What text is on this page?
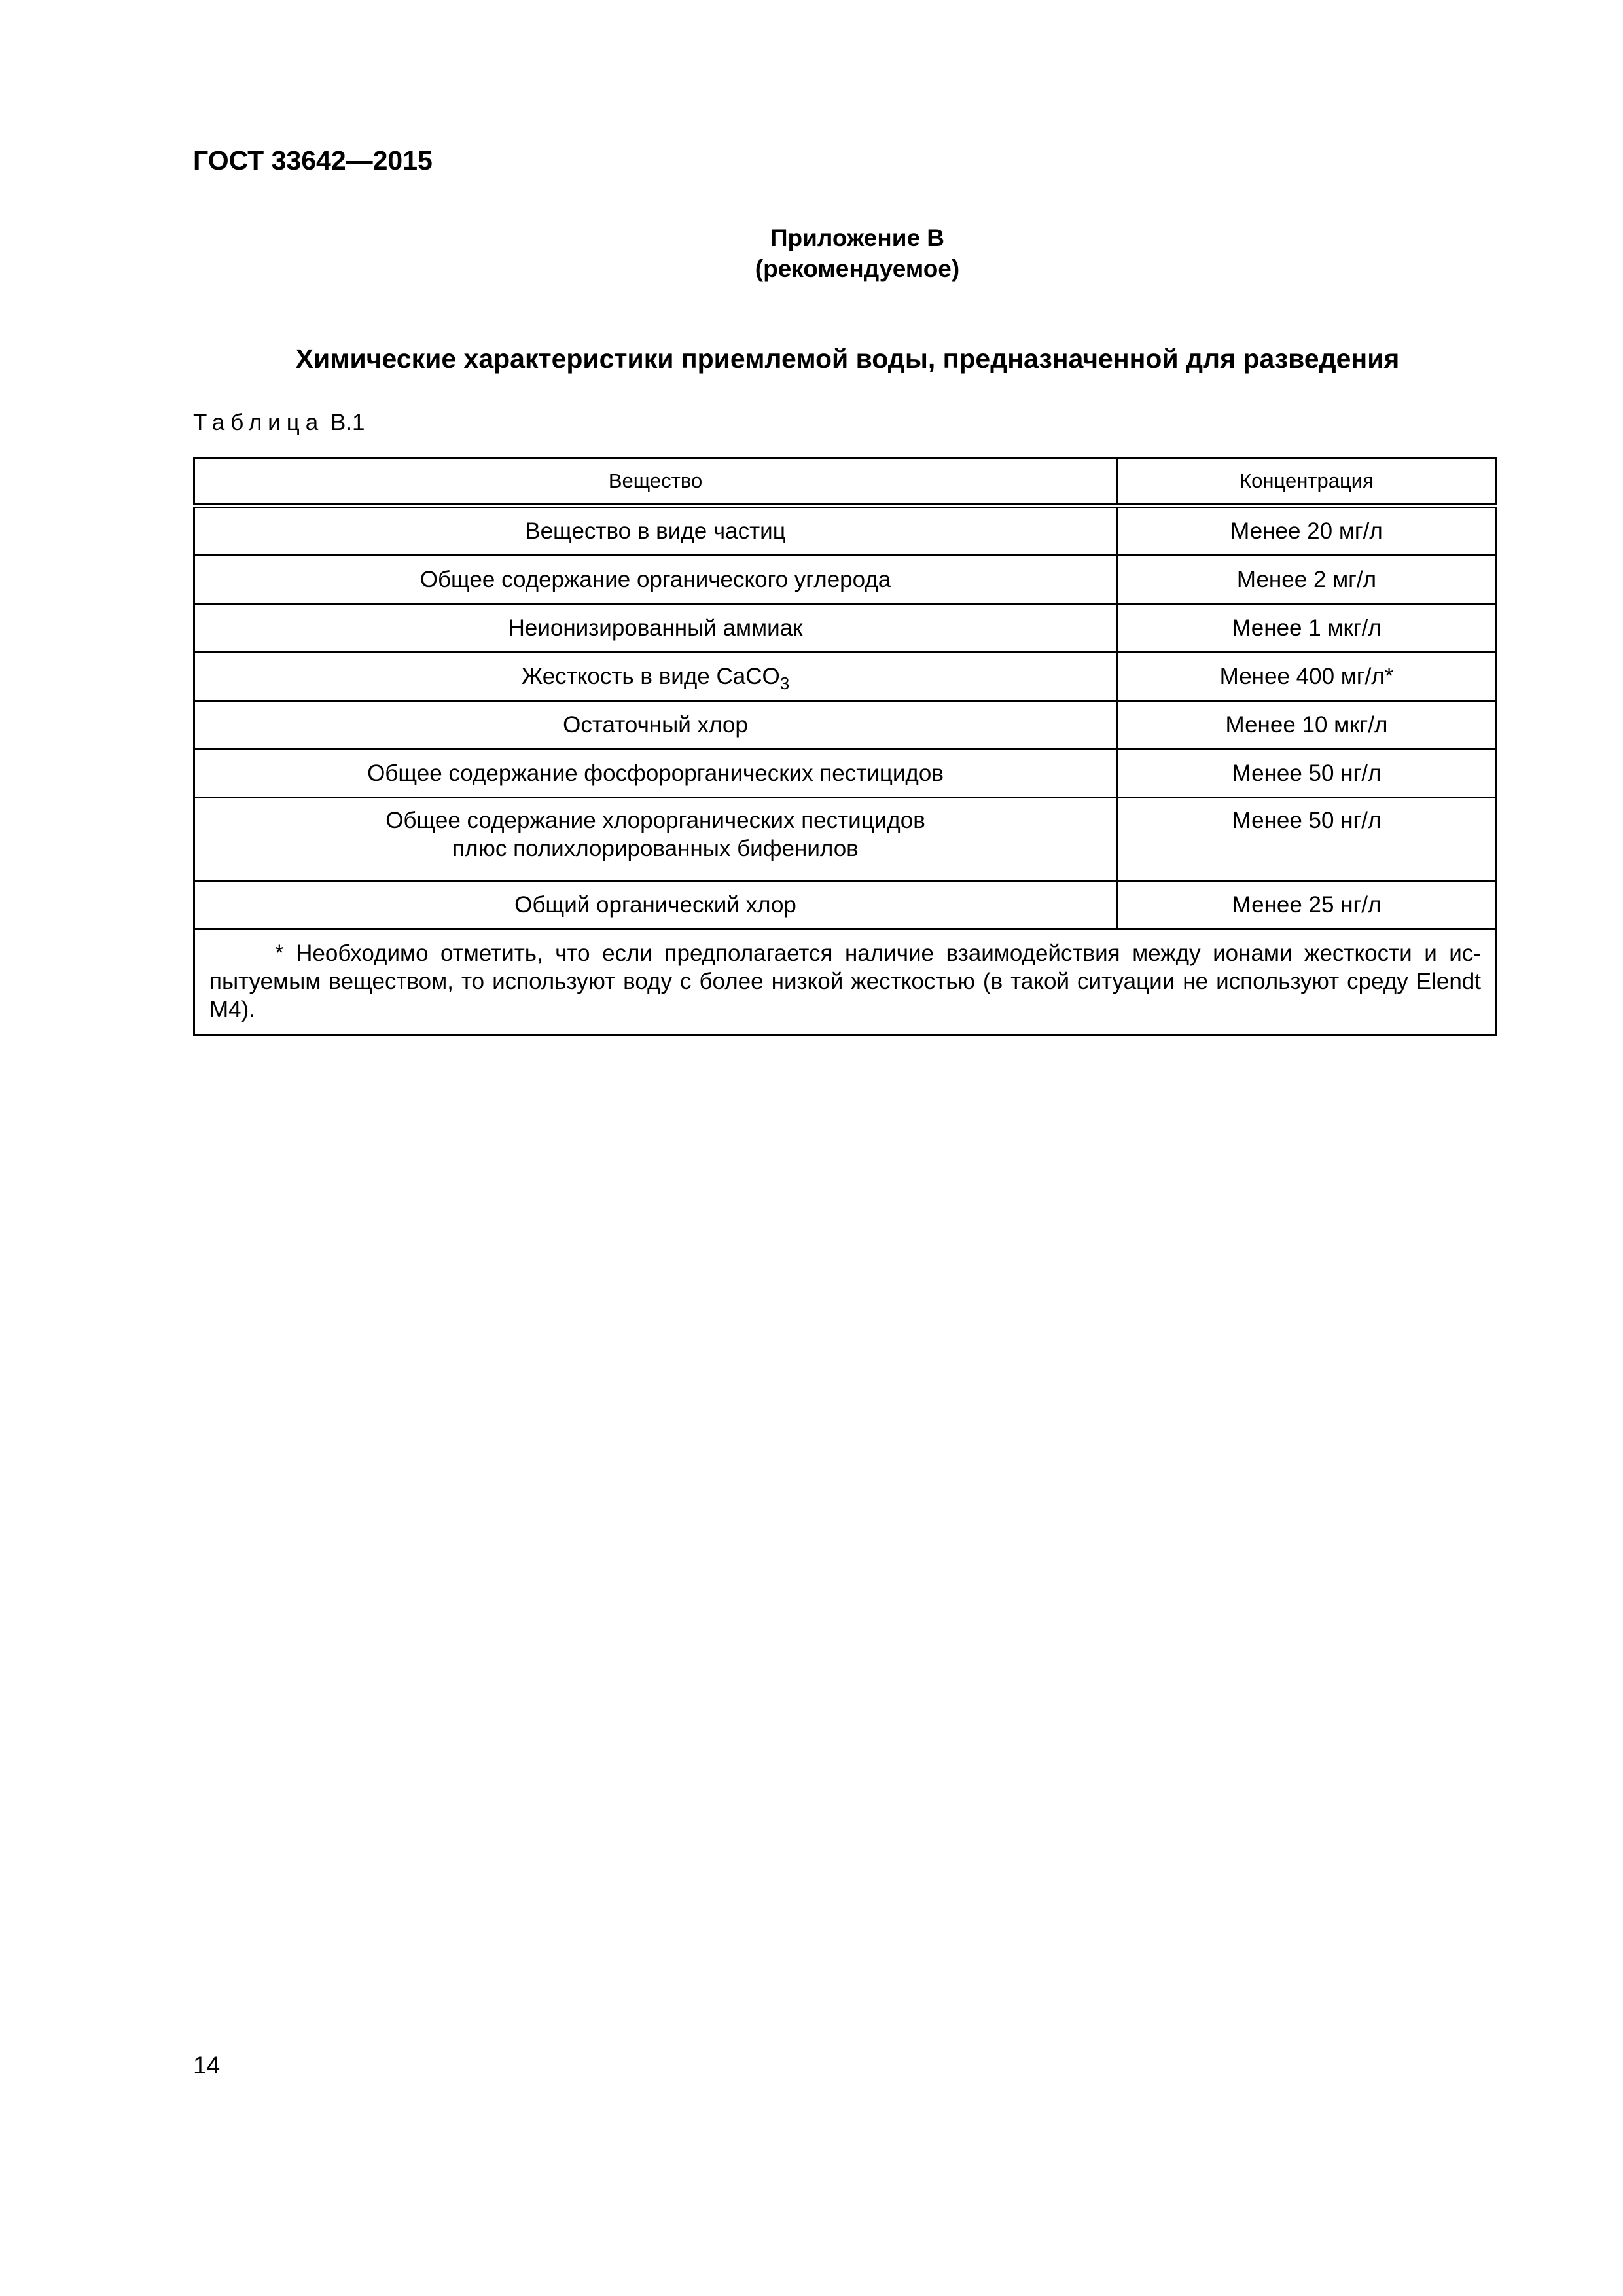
ГОСТ 33642—2015
Приложение В
(рекомендуемое)
Химические характеристики приемлемой воды, предназначенной для разведения
Таблица В.1
Вещество	Концентрация
Вещество в виде частиц	Менее 20 мг/л
Общее содержание органического углерода	Менее 2 мг/л
Неионизированный аммиак	Менее 1 мкг/л
Жесткость в виде CaCO$_3$	Менее 400 мг/л*
Остаточный хлор	Менее 10 мкг/л
Общее содержание фосфорорганических пестицидов	Менее 50 нг/л

Общее содержание хлорорганических пестицидов
плюс полихлорированных бифенилов	Менее 50 нг/л
Общий органический хлор	Менее 25 нг/л

* Необходимо отметить, что если предполагается наличие взаимодействия между ионами жесткости и испытуемым веществом, то используют воду с более низкой жесткостью (в такой ситуации не используют среду Elendt M4).	
14
